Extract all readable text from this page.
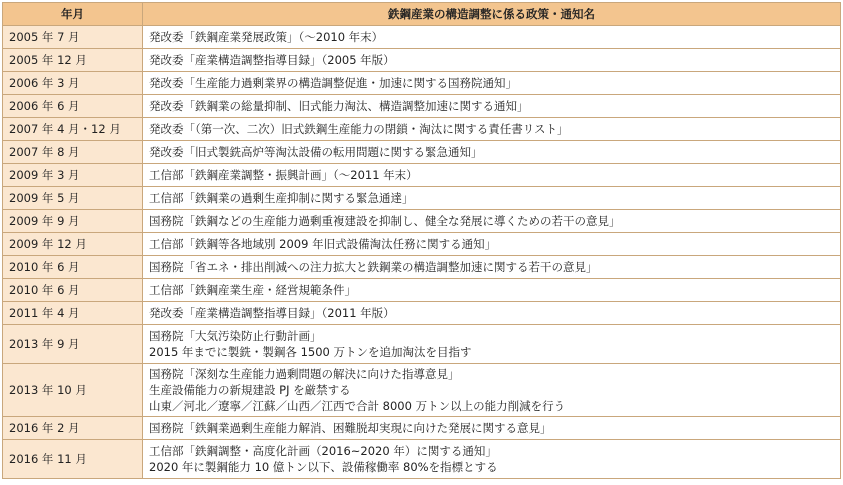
年月	鉄鋼産業の構造調整に係る政策・通知名
2005 年 7 月	発改委「鉄鋼産業発展政策」（～2010 年末）

2005 年 12 月	発改委「産業構造調整指導目録」（2005 年版）

2006 年 3 月	発改委「生産能力過剰業界の構造調整促進・加速に関する国務院通知」

2006 年 6 月	発改委「鉄鋼業の総量抑制、旧式能力淘汰、構造調整加速に関する通知」

2007 年 4 月・12 月	発改委「（第一次、二次）旧式鉄鋼生産能力の閉鎖・淘汰に関する責任書リスト」

2007 年 8 月	発改委「旧式製銑高炉等淘汰設備の転用問題に関する緊急通知」

2009 年 3 月	工信部「鉄鋼産業調整・振興計画」（～2011 年末）

2009 年 5 月	工信部「鉄鋼業の過剰生産抑制に関する緊急通達」

2009 年 9 月	国務院「鉄鋼などの生産能力過剰重複建設を抑制し、健全な発展に導くための若干の意見」

2009 年 12 月	工信部「鉄鋼等各地域別 2009 年旧式設備淘汰任務に関する通知」

2010 年 6 月	国務院「省エネ・排出削減への注力拡大と鉄鋼業の構造調整加速に関する若干の意見」

2010 年 6 月	工信部「鉄鋼産業生産・経営規範条件」

2011 年 4 月	発改委「産業構造調整指導目録」（2011 年版）

2013 年 9 月	国務院「大気汚染防止行動計画」
2015 年までに製銑・製鋼各 1500 万トンを追加淘汰を目指す

2013 年 10 月	国務院「深刻な生産能力過剰問題の解決に向けた指導意見」
生産設備能力の新規建設 PJ を厳禁する
山東／河北／遼寧／江蘇／山西／江西で合計 8000 万トン以上の能力削減を行う

2016 年 2 月	国務院「鉄鋼業過剰生産能力解消、困難脱却実現に向けた発展に関する意見」

2016 年 11 月	工信部「鉄鋼調整・高度化計画（2016~2020 年）に関する通知」
2020 年に製鋼能力 10 億トン以下、設備稼働率 80%を指標とする
